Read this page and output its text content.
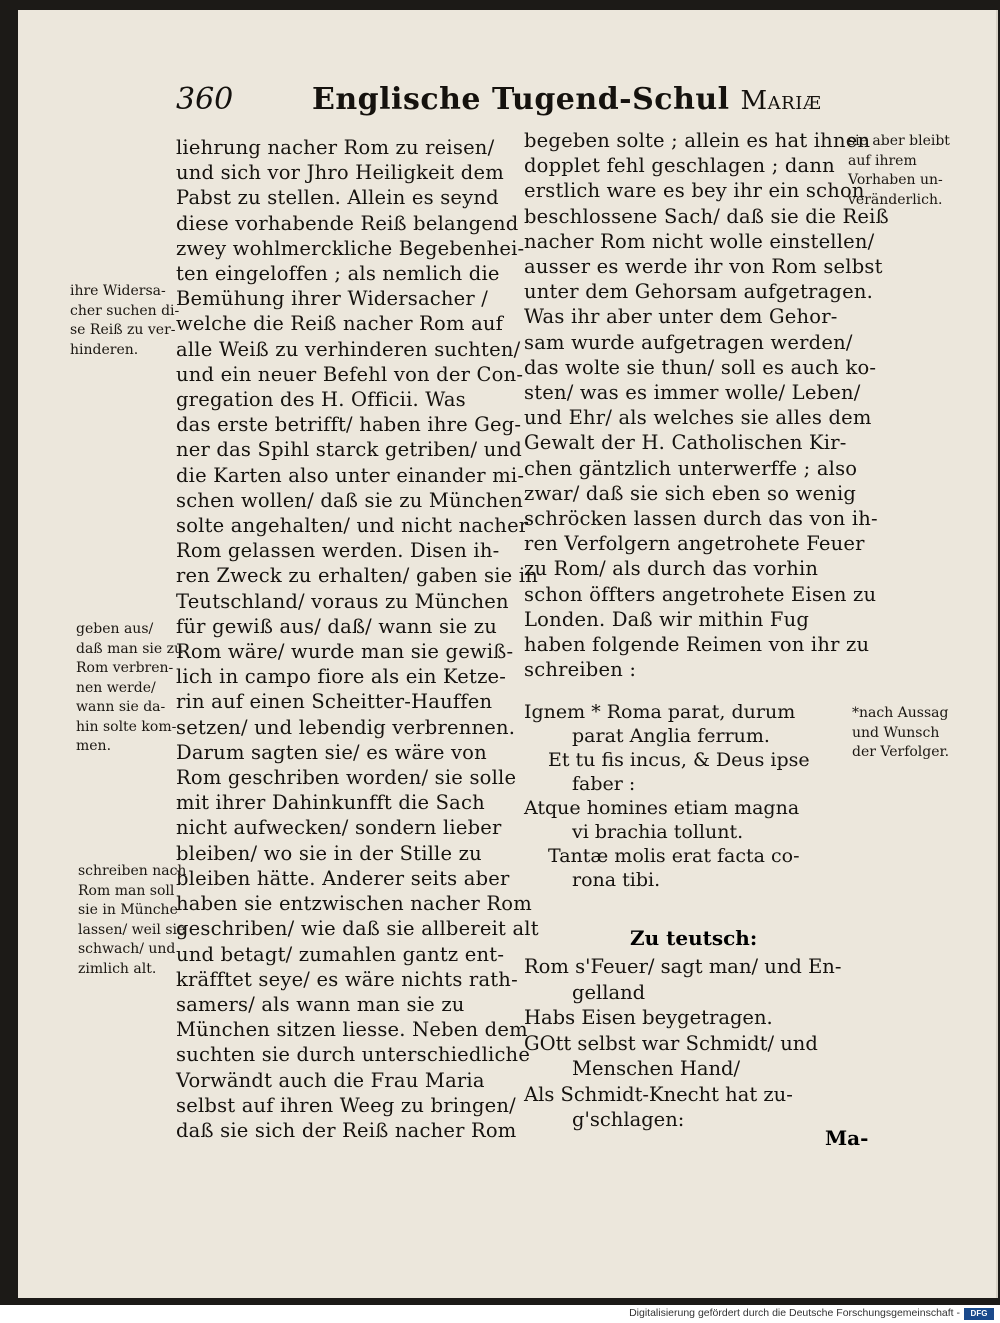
360	Englische Tugend-Schul Mariæ
liehrung nacher Rom zu reisen/
und sich vor Jhro Heiligkeit dem
Pabst zu stellen. Allein es seynd
diese vorhabende Reiß belangend
zwey wohlmerckliche Begebenhei-
ten eingeloffen ; als nemlich die
Bemühung ihrer Widersacher /
welche die Reiß nacher Rom auf
alle Weiß zu verhinderen suchten/
und ein neuer Befehl von der Con-
gregation des H. Officii. Was
das erste betrifft/ haben ihre Geg-
ner das Spihl starck getriben/ und
die Karten also unter einander mi-
schen wollen/ daß sie zu München
solte angehalten/ und nicht nacher
Rom gelassen werden. Disen ih-
ren Zweck zu erhalten/ gaben sie in
Teutschland/ voraus zu München
für gewiß aus/ daß/ wann sie zu
Rom wäre/ wurde man sie gewiß-
lich in campo fiore als ein Ketze-
rin auf einen Scheitter-Hauffen
setzen/ und lebendig verbrennen.
Darum sagten sie/ es wäre von
Rom geschriben worden/ sie solle
mit ihrer Dahinkunfft die Sach
nicht aufwecken/ sondern lieber
bleiben/ wo sie in der Stille zu
bleiben hätte. Anderer seits aber
haben sie entzwischen nacher Rom
geschriben/ wie daß sie allbereit alt
und betagt/ zumahlen gantz ent-
kräfftet seye/ es wäre nichts rath-
samers/ als wann man sie zu
München sitzen liesse. Neben dem
suchten sie durch unterschiedliche
Vorwändt auch die Frau Maria
selbst auf ihren Weeg zu bringen/
daß sie sich der Reiß nacher Rom
begeben solte ; allein es hat ihnen
dopplet fehl geschlagen ; dann
erstlich ware es bey ihr ein schon
beschlossene Sach/ daß sie die Reiß
nacher Rom nicht wolle einstellen/
ausser es werde ihr von Rom selbst
unter dem Gehorsam aufgetragen.
Was ihr aber unter dem Gehor-
sam wurde aufgetragen werden/
das wolte sie thun/ soll es auch ko-
sten/ was es immer wolle/ Leben/
und Ehr/ als welches sie alles dem
Gewalt der H. Catholischen Kir-
chen gäntzlich unterwerffe ; also
zwar/ daß sie sich eben so wenig
schröcken lassen durch das von ih-
ren Verfolgern angetrohete Feuer
zu Rom/ als durch das vorhin
schon öffters angetrohete Eisen zu
Londen. Daß wir mithin Fug
haben folgende Reimen von ihr zu
schreiben :
ihre Widersa-
cher suchen di-
se Reiß zu ver-
hinderen.
geben aus/
daß man sie zu
Rom verbren-
nen werde/
wann sie da-
hin solte kom-
men.
schreiben nach
Rom man soll
sie in Münche
lassen/ weil sie
schwach/ und
zimlich alt.
sie aber bleibt
auf ihrem
Vorhaben un-
veränderlich.
*nach Aussag
und Wunsch
der Verfolger.
Ignem * Roma parat, durum
parat Anglia ferrum.
Et tu fis incus, & Deus ipse
faber :
Atque homines etiam magna
vi brachia tollunt.
Tantæ molis erat facta co-
rona tibi.
Zu teutsch:
Rom s'Feuer/ sagt man/ und En-
gelland
Habs Eisen beygetragen.
GOtt selbst war Schmidt/ und
Menschen Hand/
Als Schmidt-Knecht hat zu-
g'schlagen:
Ma-
Digitalisierung gefördert durch die Deutsche Forschungsgemeinschaft -	DFG
